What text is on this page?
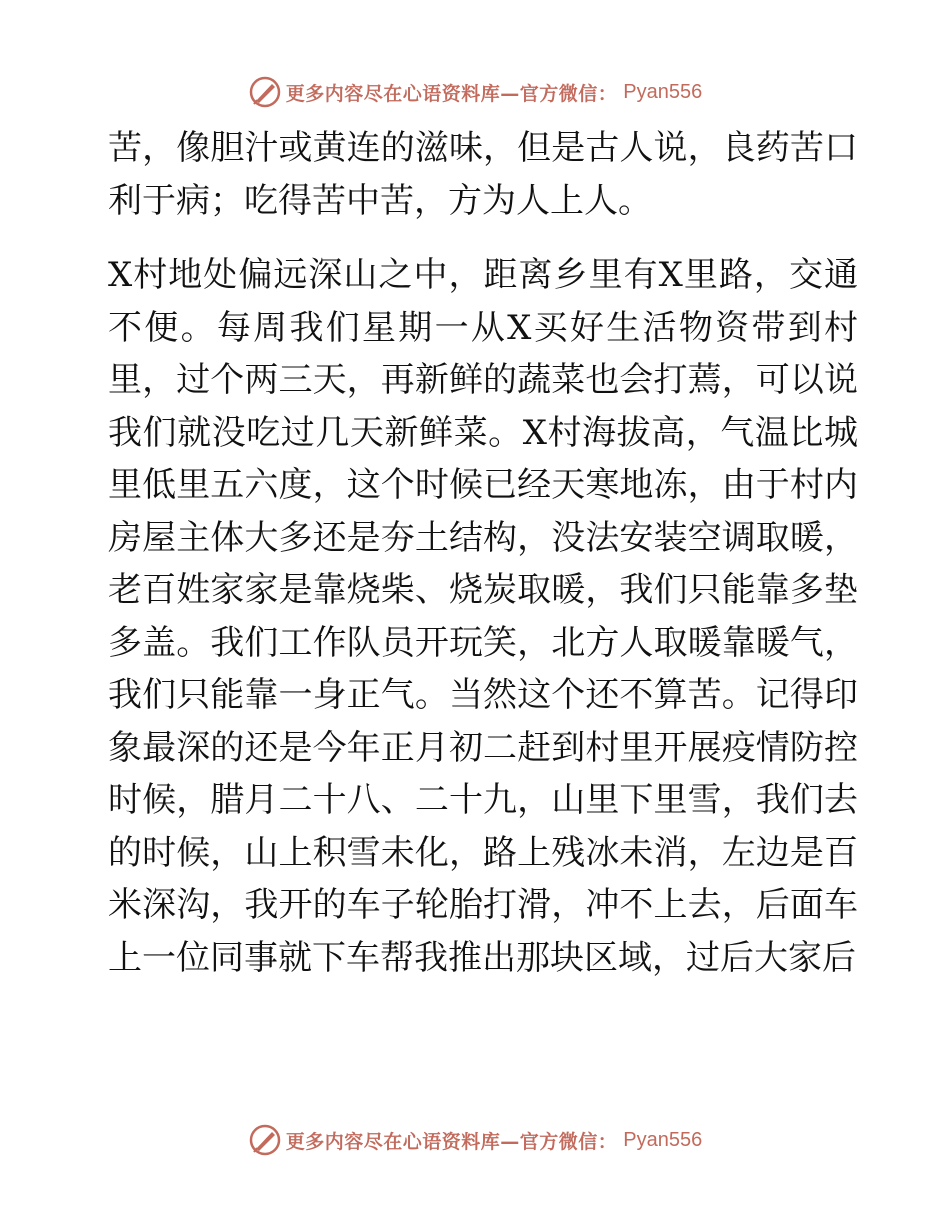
更多内容尽在心语资料库—官方微信： Pyan556

苦，像胆汁或黄连的滋味，但是古人说，良药苦口利于病；吃得苦中苦，方为人上人。

X村地处偏远深山之中，距离乡里有X里路，交通不便。每周我们星期一从X买好生活物资带到村里，过个两三天，再新鲜的蔬菜也会打蔫，可以说我们就没吃过几天新鲜菜。X村海拔高，气温比城里低里五六度，这个时候已经天寒地冻，由于村内房屋主体大多还是夯土结构，没法安装空调取暖，老百姓家家是靠烧柴、烧炭取暖，我们只能靠多垫多盖。我们工作队员开玩笑，北方人取暖靠暖气，我们只能靠一身正气。当然这个还不算苦。记得印象最深的还是今年正月初二赶到村里开展疫情防控时候，腊月二十八、二十九，山里下里雪，我们去的时候，山上积雪未化，路上残冰未消，左边是百米深沟，我开的车子轮胎打滑，冲不上去，后面车上一位同事就下车帮我推出那块区域，过后大家后

更多内容尽在心语资料库—官方微信： Pyan556
